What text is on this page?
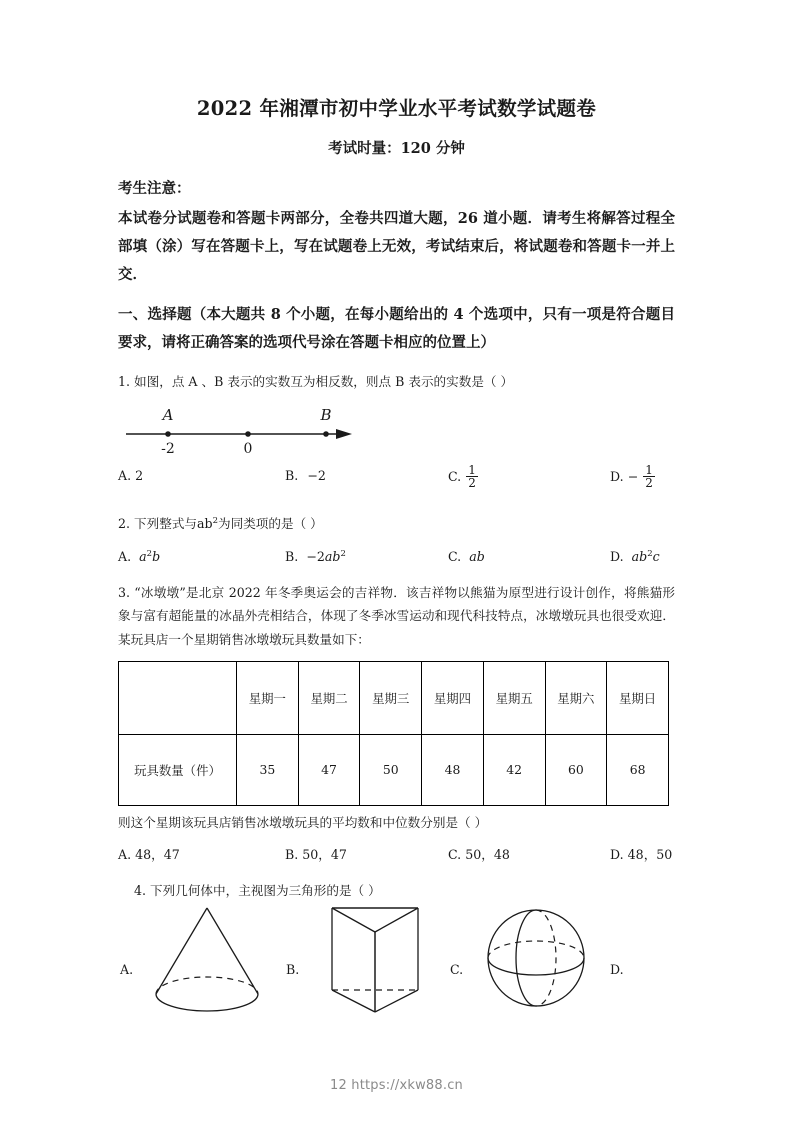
2022 年湘潭市初中学业水平考试数学试题卷
考试时量：120 分钟
考生注意：
本试卷分试题卷和答题卡两部分，全卷共四道大题，26 道小题．请考生将解答过程全部填（涂）写在答题卡上，写在试题卷上无效，考试结束后，将试题卷和答题卡一并上交．
一、选择题（本大题共 8 个小题，在每小题给出的 4 个选项中，只有一项是符合题目要求，请将正确答案的选项代号涂在答题卡相应的位置上）
1. 如图，点 A 、B 表示的实数互为相反数，则点 B 表示的实数是（ ）
A	B
-2	0
A. 2	B. −2	C. $\frac{1}{2}$	D. − $\frac{1}{2}$
2. 下列整式与$ab^2$为同类项的是（ ）
A. $a^2b$	B. $-2ab^2$	C. ab	D. $ab^2c$
3. “冰墩墩”是北京 2022 年冬季奥运会的吉祥物．该吉祥物以熊猫为原型进行设计创作，将熊猫形象与富有超能量的冰晶外壳相结合，体现了冬季冰雪运动和现代科技特点，冰墩墩玩具也很受欢迎．某玩具店一个星期销售冰墩墩玩具数量如下：
	星期一	星期二	星期三	星期四	星期五	星期六	星期日
玩具数量（件）	35	47	50	48	42	60	68
则这个星期该玩具店销售冰墩墩玩具的平均数和中位数分别是（ ）
A. 48，47	B. 50，47	C. 50，48	D. 48，50
4. 下列几何体中，主视图为三角形的是（ ）
A.	B.	C.	D.
12 https://xkw88.cn
